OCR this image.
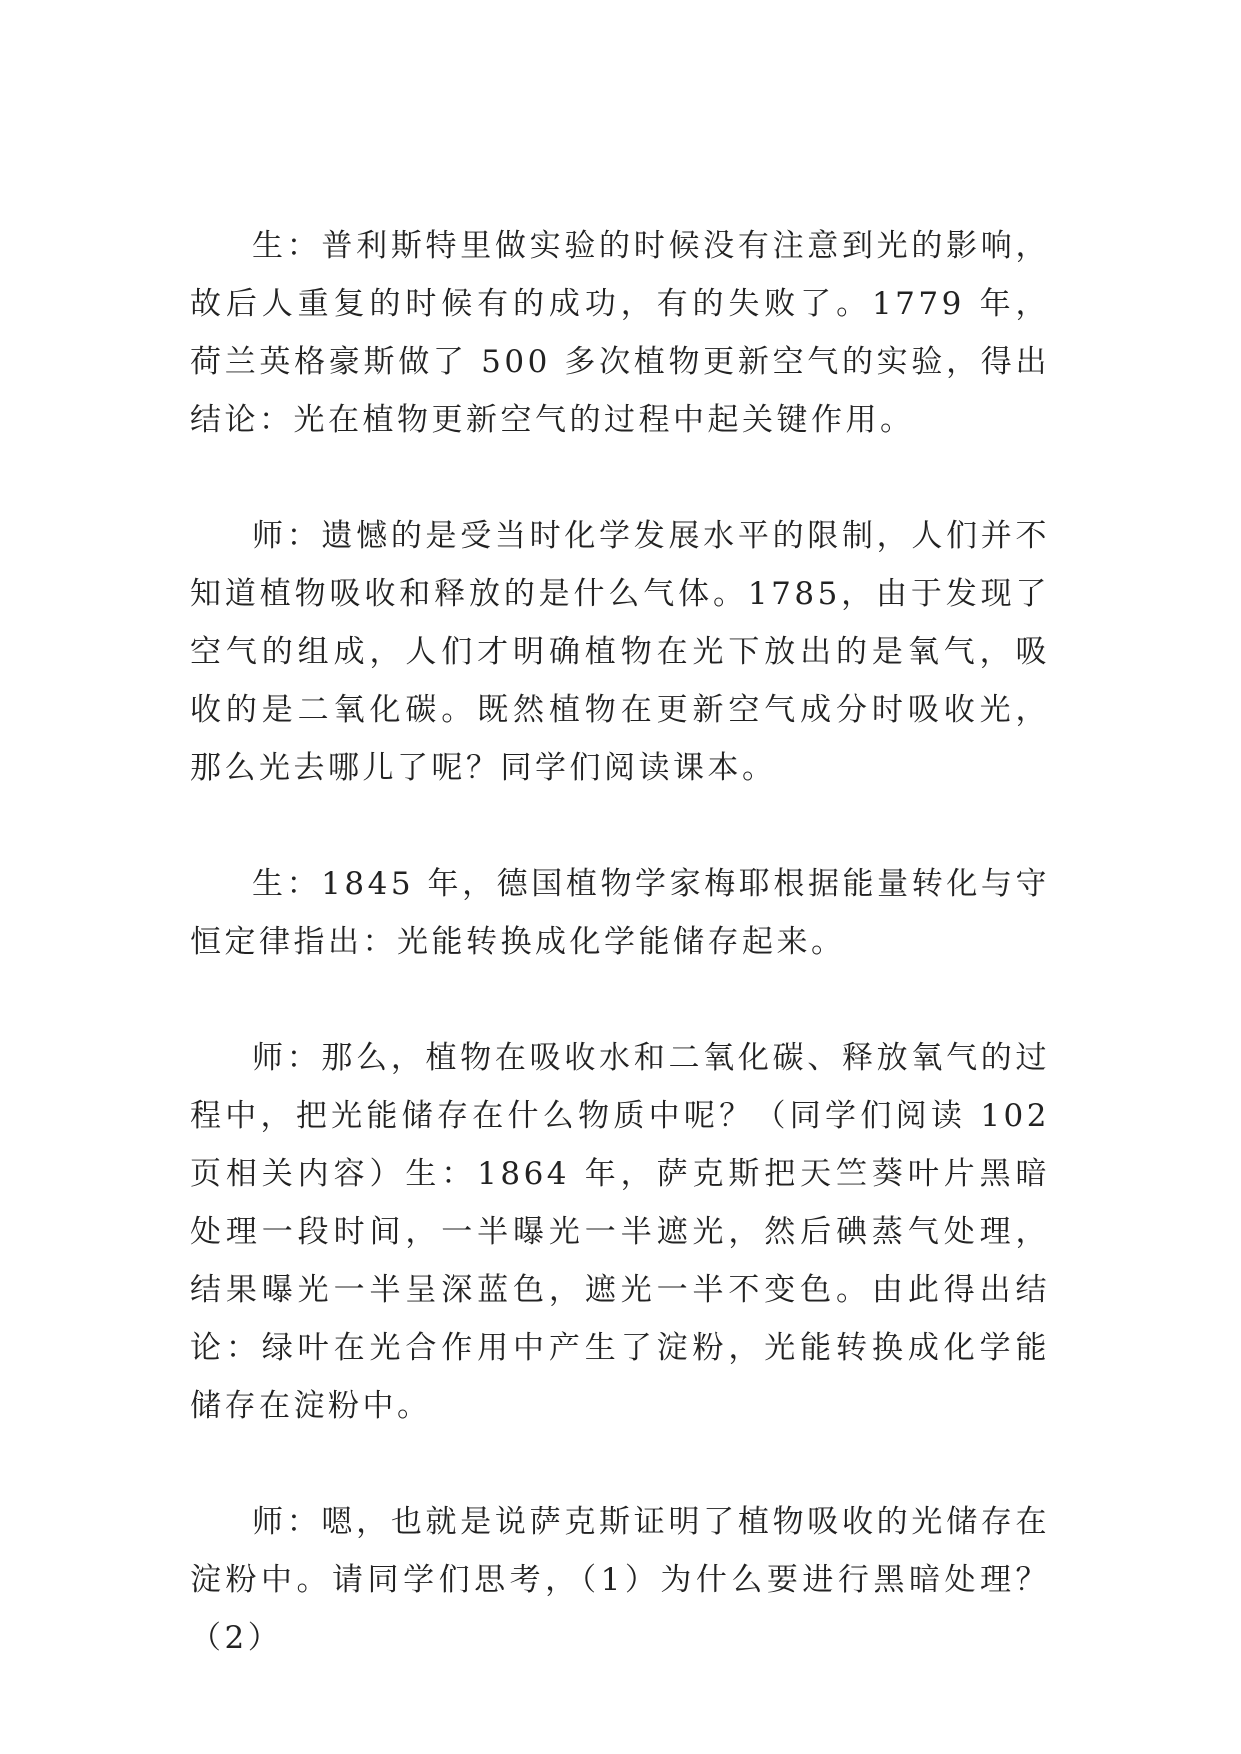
生：普利斯特里做实验的时候没有注意到光的影响，故后人重复的时候有的成功，有的失败了。1779 年，荷兰英格豪斯做了 500 多次植物更新空气的实验，得出结论：光在植物更新空气的过程中起关键作用。

师：遗憾的是受当时化学发展水平的限制，人们并不知道植物吸收和释放的是什么气体。1785，由于发现了空气的组成，人们才明确植物在光下放出的是氧气，吸收的是二氧化碳。既然植物在更新空气成分时吸收光，那么光去哪儿了呢？同学们阅读课本。

生：1845 年，德国植物学家梅耶根据能量转化与守恒定律指出：光能转换成化学能储存起来。

师：那么，植物在吸收水和二氧化碳、释放氧气的过程中，把光能储存在什么物质中呢？（同学们阅读 102 页相关内容）生：1864 年，萨克斯把天竺葵叶片黑暗处理一段时间，一半曝光一半遮光，然后碘蒸气处理，结果曝光一半呈深蓝色，遮光一半不变色。由此得出结论：绿叶在光合作用中产生了淀粉，光能转换成化学能储存在淀粉中。

师：嗯，也就是说萨克斯证明了植物吸收的光储存在淀粉中。请同学们思考，（1）为什么要进行黑暗处理？（2）
